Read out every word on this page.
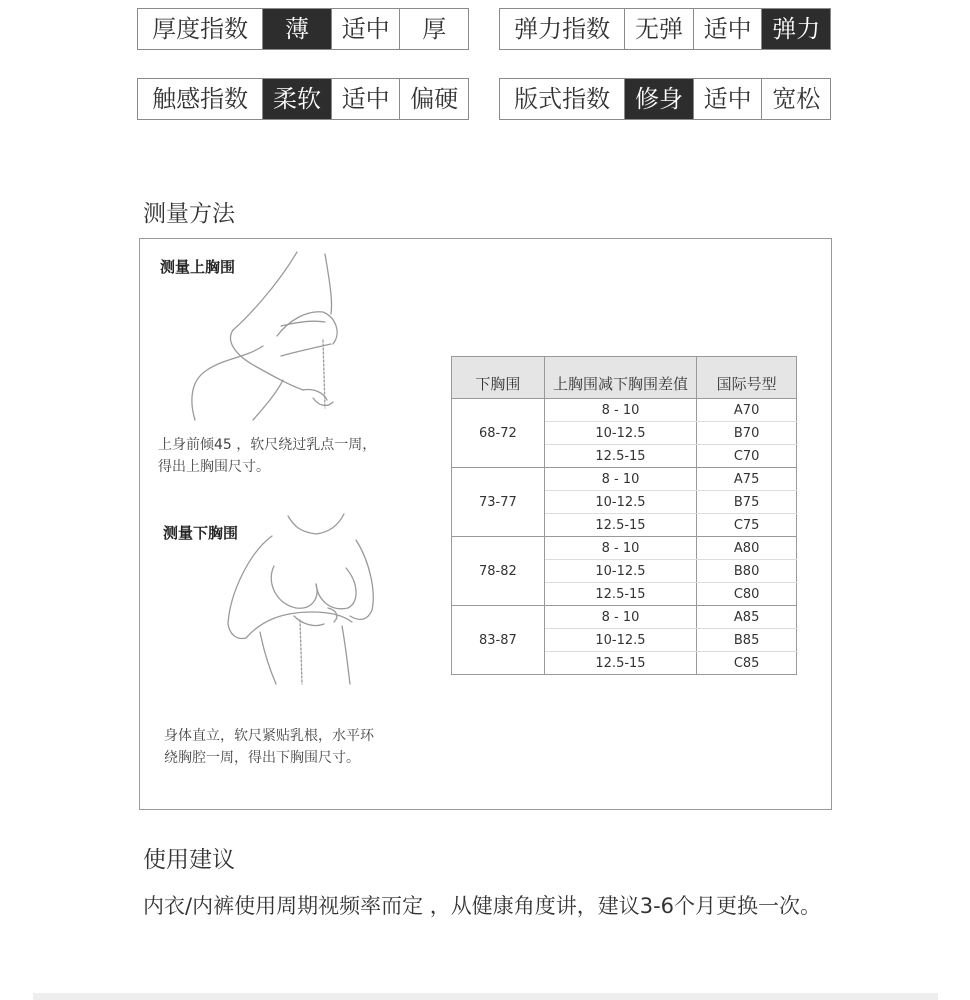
厚度指数	薄	适中	厚	弹力指数	无弹 适中 弹力
触感指数	柔软 适中 偏硬	版式指数	修身 适中 宽松
测量方法
测量上胸围
上身前倾45 ，软尺绕过乳点一周，
得出上胸围尺寸。
测量下胸围
身体直立，软尺紧贴乳根，水平环
绕胸腔一周，得出下胸围尺寸。
下胸围	上胸围减下胸围差值	国际号型
68-72	8 - 10	A70
	10-12.5	B70
	12.5-15	C70
73-77	8 - 10	A75
	10-12.5	B75
	12.5-15	C75
78-82	8 - 10	A80
	10-12.5	B80
	12.5-15	C80
83-87	8 - 10	A85
	10-12.5	B85
	12.5-15	C85
使用建议
内衣/内裤使用周期视频率而定 ，从健康角度讲，建议3-6个月更换一次。
